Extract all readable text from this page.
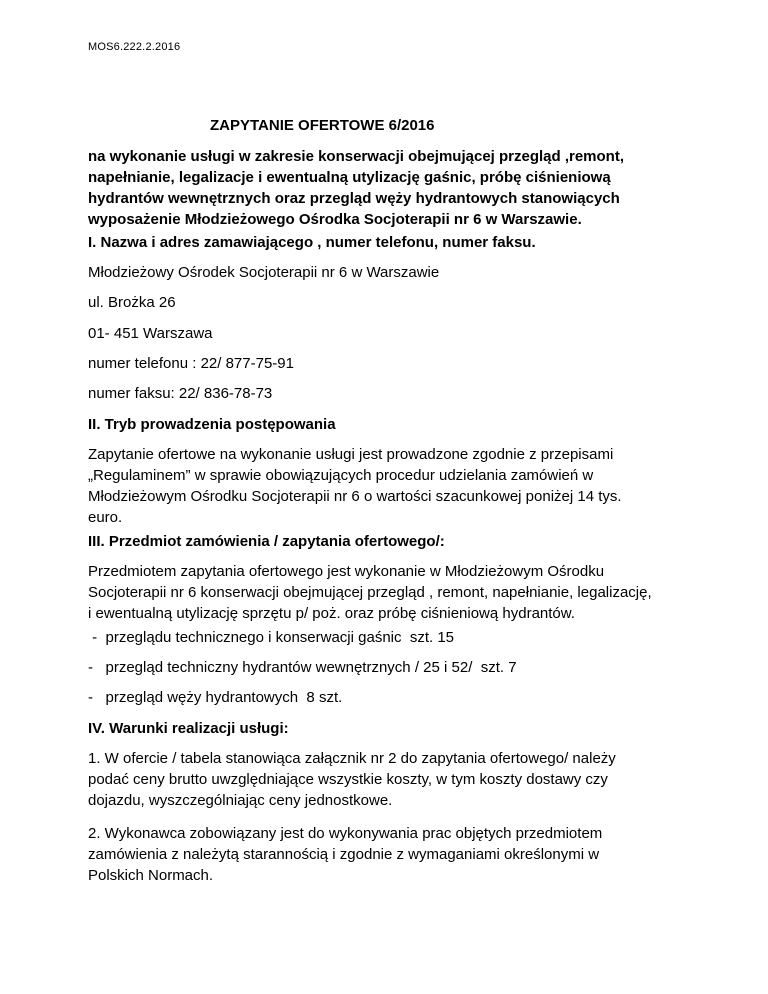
MOS6.222.2.2016
ZAPYTANIE OFERTOWE 6/2016
na wykonanie usługi w zakresie konserwacji obejmującej przegląd ,remont,
napełnianie, legalizacje i ewentualną utylizację gaśnic, próbę ciśnieniową
hydrantów wewnętrznych oraz przegląd węży hydrantowych stanowiących
wyposażenie Młodzieżowego Ośrodka Socjoterapii nr 6 w Warszawie.
I. Nazwa i adres zamawiającego , numer telefonu, numer faksu.
Młodzieżowy Ośrodek Socjoterapii nr 6 w Warszawie
ul. Brożka 26
01- 451 Warszawa
numer telefonu : 22/ 877-75-91
numer faksu: 22/ 836-78-73
II. Tryb prowadzenia postępowania
Zapytanie ofertowe na wykonanie usługi jest prowadzone zgodnie z przepisami
„Regulaminem” w sprawie obowiązujących procedur udzielania zamówień w
Młodzieżowym Ośrodku Socjoterapii nr 6 o wartości szacunkowej poniżej 14 tys.
euro.
III. Przedmiot zamówienia / zapytania ofertowego/:
Przedmiotem zapytania ofertowego jest wykonanie w Młodzieżowym Ośrodku
Socjoterapii nr 6 konserwacji obejmującej przegląd , remont, napełnianie, legalizację,
i ewentualną utylizację sprzętu p/ poż. oraz próbę ciśnieniową hydrantów.
-  przeglądu technicznego i konserwacji gaśnic  szt. 15
-   przegląd techniczny hydrantów wewnętrznych / 25 i 52/  szt. 7
-   przegląd węży hydrantowych  8 szt.
IV. Warunki realizacji usługi:
1. W ofercie / tabela stanowiąca załącznik nr 2 do zapytania ofertowego/ należy
podać ceny brutto uwzględniające wszystkie koszty, w tym koszty dostawy czy
dojazdu, wyszczególniając ceny jednostkowe.
2. Wykonawca zobowiązany jest do wykonywania prac objętych przedmiotem
zamówienia z należytą starannością i zgodnie z wymaganiami określonymi w
Polskich Normach.
